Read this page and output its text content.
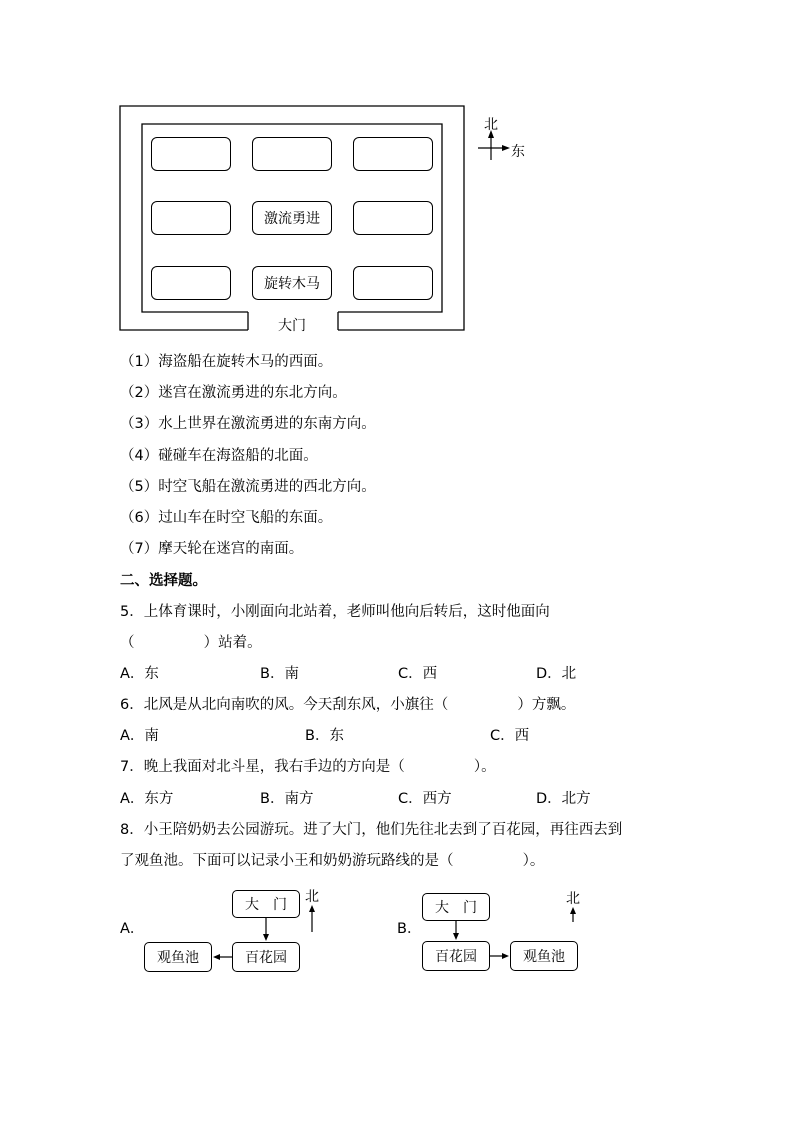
北
东
激流勇进
旋转木马
大门
（1）海盗船在旋转木马的西面。
（2）迷宫在激流勇进的东北方向。
（3）水上世界在激流勇进的东南方向。
（4）碰碰车在海盗船的北面。
（5）时空飞船在激流勇进的西北方向。
（6）过山车在时空飞船的东面。
（7）摩天轮在迷宫的南面。
二、选择题。
5．上体育课时，小刚面向北站着，老师叫他向后转后，这时他面向
（               ）站着。
A．东	B．南	C．西	D．北
6．北风是从北向南吹的风。今天刮东风，小旗往（               ）方飘。
A．南	B．东	C．西
7．晚上我面对北斗星，我右手边的方向是（               ）。
A．东方	B．南方	C．西方	D．北方
8．小王陪奶奶去公园游玩。进了大门，他们先往北去到了百花园，再往西去到
了观鱼池。下面可以记录小王和奶奶游玩路线的是（               ）。
A．
大　门
百花园
观鱼池
北
B．
大　门
百花园	观鱼池
北
